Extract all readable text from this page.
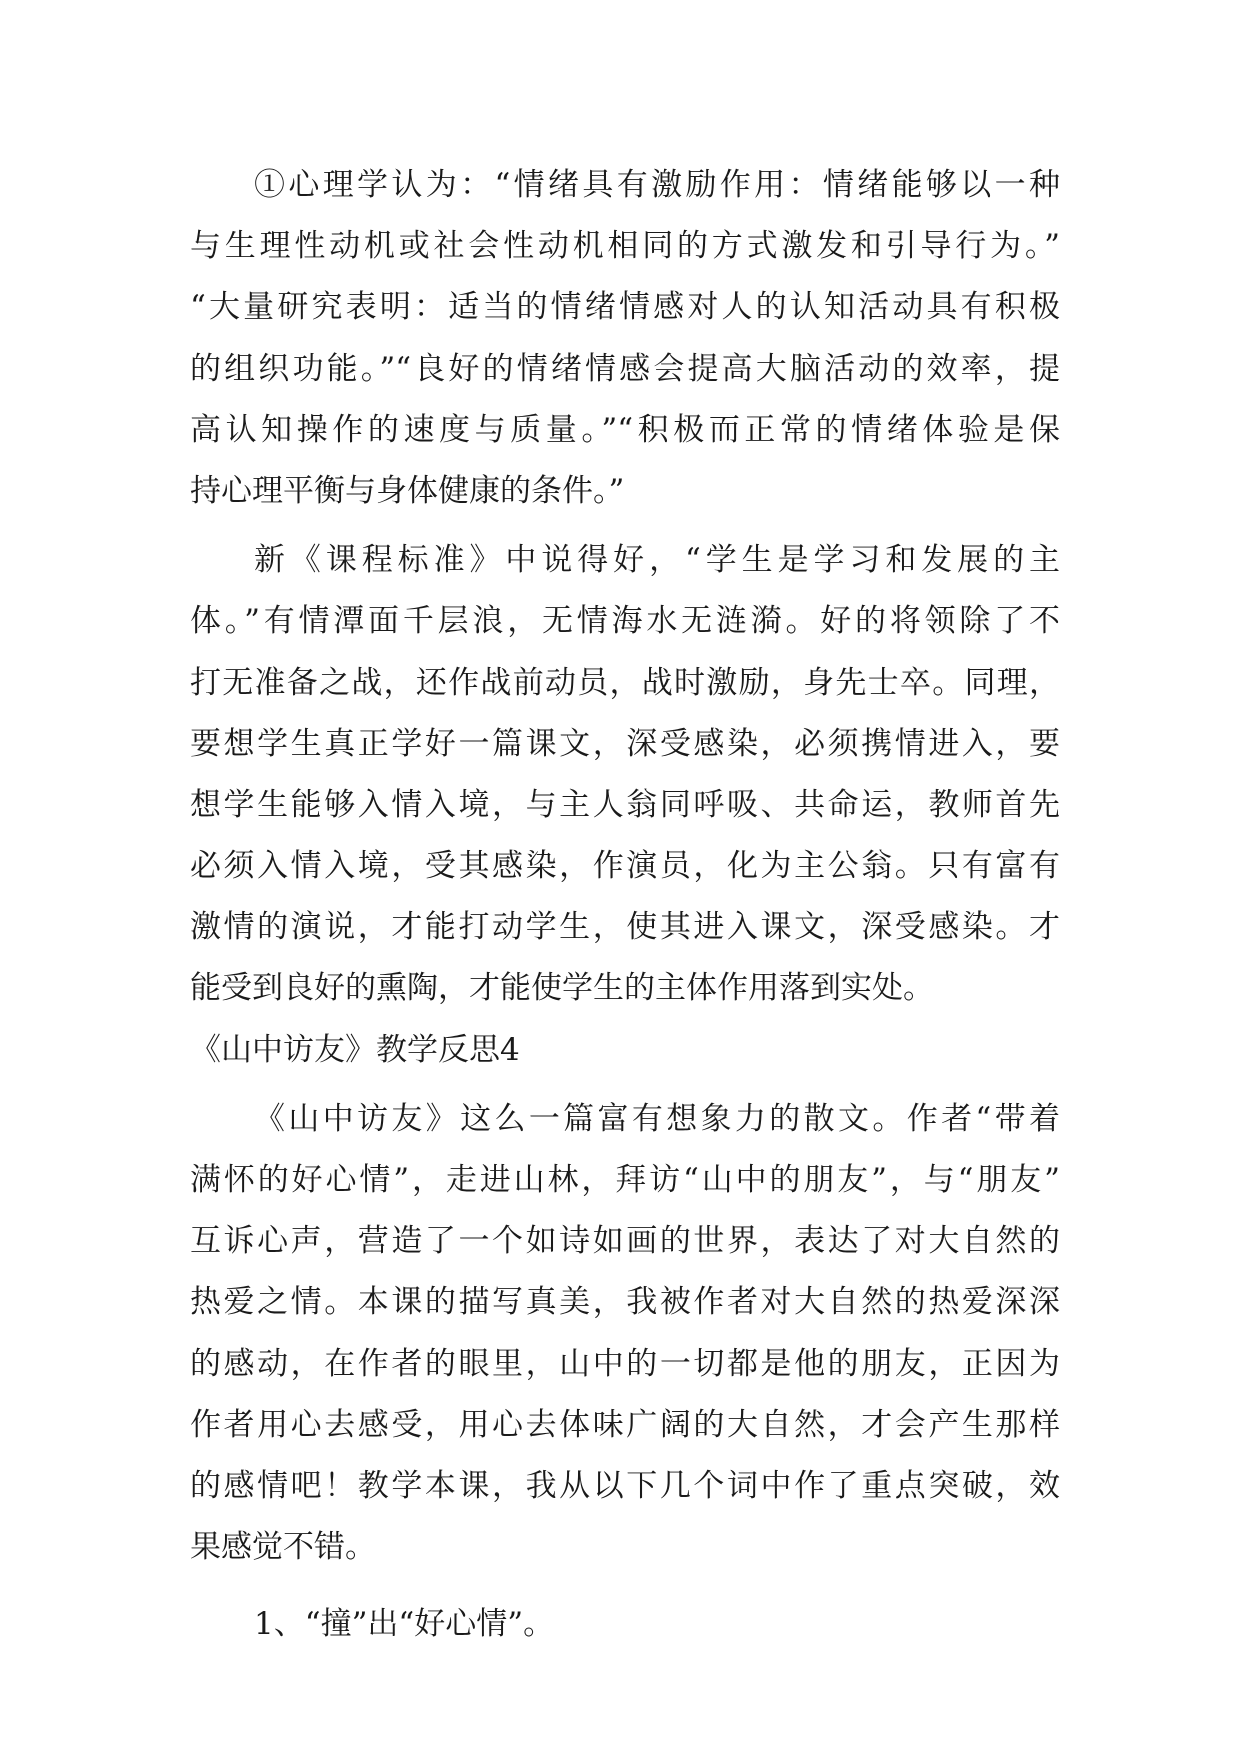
①心理学认为：“情绪具有激励作用：情绪能够以一种
与生理性动机或社会性动机相同的方式激发和引导行为。”
“大量研究表明：适当的情绪情感对人的认知活动具有积极
的组织功能。”“良好的情绪情感会提高大脑活动的效率，提
高认知操作的速度与质量。”“积极而正常的情绪体验是保
持心理平衡与身体健康的条件。”
新《课程标准》中说得好，“学生是学习和发展的主
体。”有情潭面千层浪，无情海水无涟漪。好的将领除了不
打无准备之战，还作战前动员，战时激励，身先士卒。同理，
要想学生真正学好一篇课文，深受感染，必须携情进入，要
想学生能够入情入境，与主人翁同呼吸、共命运，教师首先
必须入情入境，受其感染，作演员，化为主公翁。只有富有
激情的演说，才能打动学生，使其进入课文，深受感染。才
能受到良好的熏陶，才能使学生的主体作用落到实处。
《山中访友》教学反思4
《山中访友》这么一篇富有想象力的散文。作者“带着
满怀的好心情”，走进山林，拜访“山中的朋友”，与“朋友”
互诉心声，营造了一个如诗如画的世界，表达了对大自然的
热爱之情。本课的描写真美，我被作者对大自然的热爱深深
的感动，在作者的眼里，山中的一切都是他的朋友，正因为
作者用心去感受，用心去体味广阔的大自然，才会产生那样
的感情吧！教学本课，我从以下几个词中作了重点突破，效
果感觉不错。
1、“撞”出“好心情”。
